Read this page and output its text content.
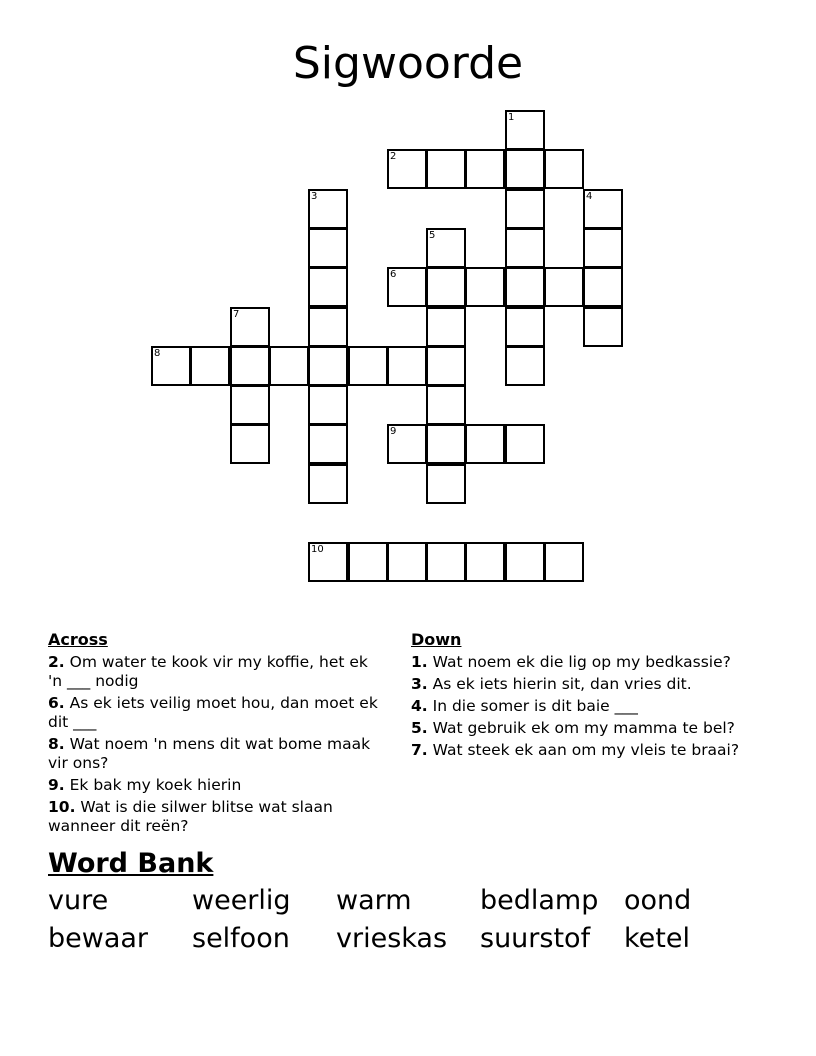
Sigwoorde
1
2
3	4
5
6
7
8
9
10
Across
2. Om water te kook vir my koffie, het ek 'n ___ nodig
6. As ek iets veilig moet hou, dan moet ek dit ___
8. Wat noem 'n mens dit wat bome maak vir ons?
9. Ek bak my koek hierin
10. Wat is die silwer blitse wat slaan wanneer dit reën?
Down
1. Wat noem ek die lig op my bedkassie?
3. As ek iets hierin sit, dan vries dit.
4. In die somer is dit baie ___
5. Wat gebruik ek om my mamma te bel?
7. Wat steek ek aan om my vleis te braai?
Word Bank
vure	weerlig	warm	bedlamp oond
bewaar	selfoon	vrieskas	suurstof	ketel
